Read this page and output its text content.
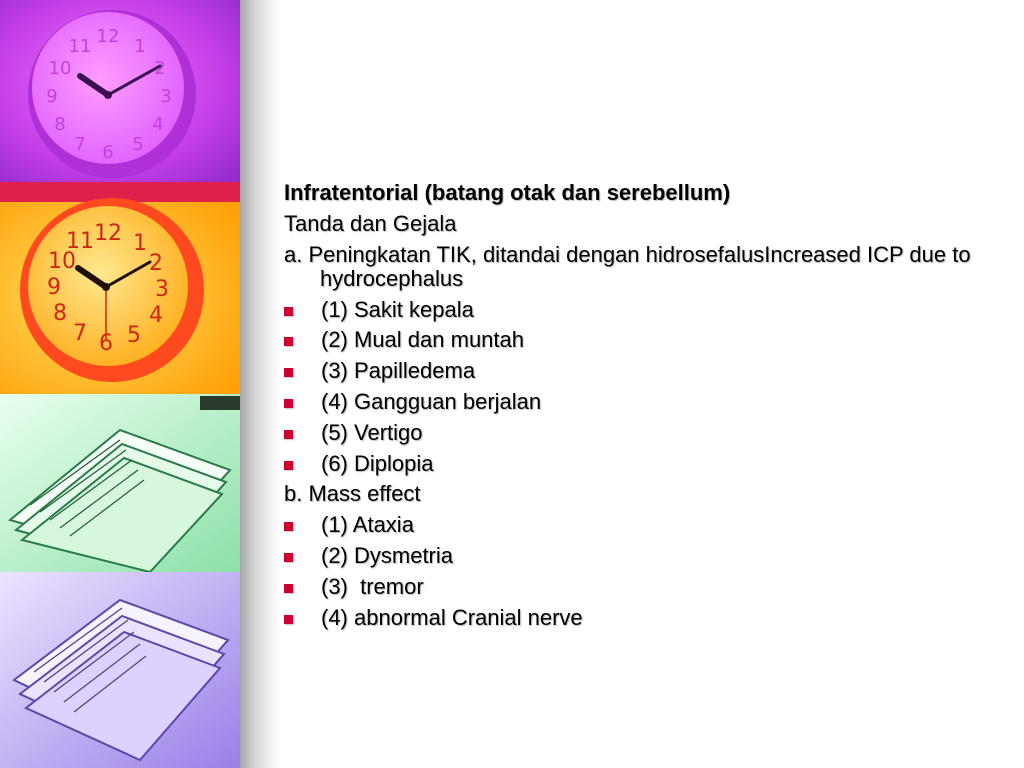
12 1
2
3
4
5
6
7
8
9
10
11
12 1
2
3
4
5
6
7
8
9
10
11
Infratentorial (batang otak dan serebellum)
Tanda dan Gejala
a. Peningkatan TIK, ditandai dengan hidrosefalusIncreased ICP due to hydrocephalus
(1) Sakit kepala
(2) Mual dan muntah
(3) Papilledema
(4) Gangguan berjalan
(5) Vertigo
(6) Diplopia
b. Mass effect
(1) Ataxia
(2) Dysmetria
(3)  tremor
(4) abnormal Cranial nerve
